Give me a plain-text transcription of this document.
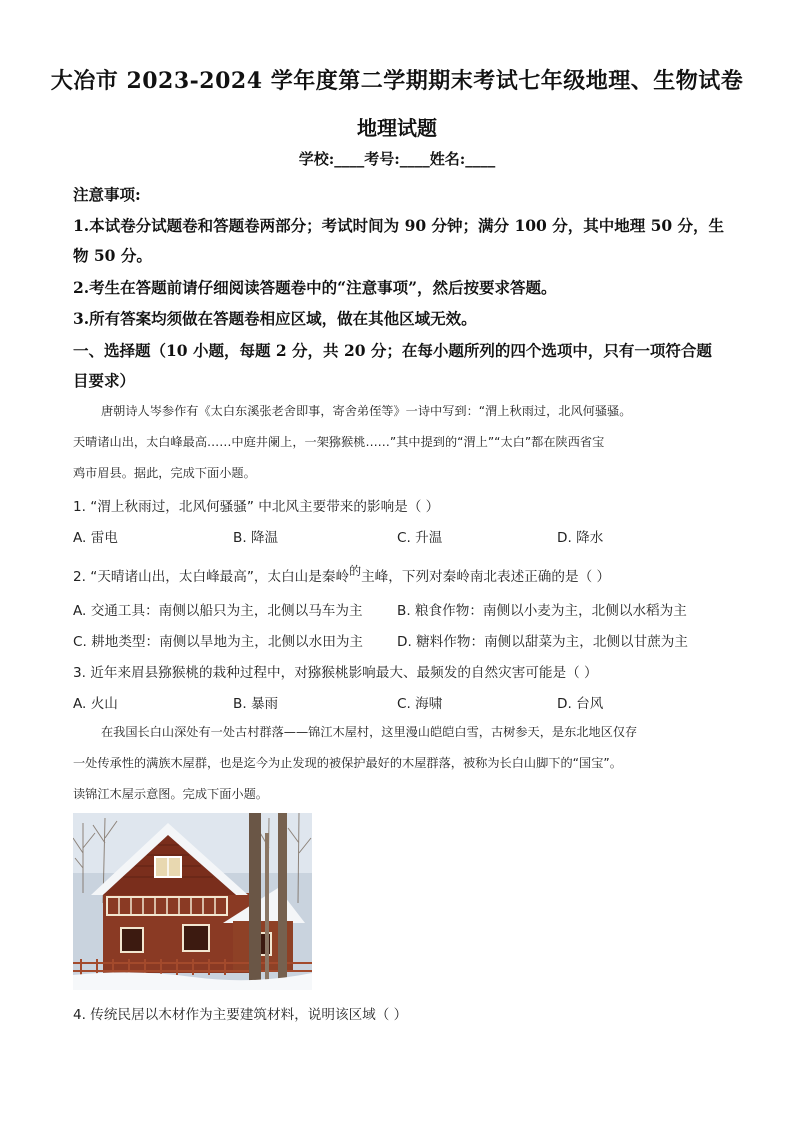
大冶市 2023-2024 学年度第二学期期末考试七年级地理、生物试卷
地理试题
学校:____考号:____姓名:____
注意事项:
1.本试卷分试题卷和答题卷两部分；考试时间为 90 分钟；满分 100 分，其中地理 50 分，生
物 50 分。
2.考生在答题前请仔细阅读答题卷中的“注意事项”，然后按要求答题。
3.所有答案均须做在答题卷相应区域，做在其他区域无效。
一、选择题（10 小题，每题 2 分，共 20 分；在每小题所列的四个选项中，只有一项符合题
目要求）
唐朝诗人岑参作有《太白东溪张老舍即事，寄舍弟侄等》一诗中写到：“渭上秋雨过，北风何骚骚。
天晴诸山出，太白峰最高……中庭井阑上，一架猕猴桃……”其中提到的“渭上”“太白”都在陕西省宝
鸡市眉县。据此，完成下面小题。
1. “渭上秋雨过，北风何骚骚” 中北风主要带来的影响是（ ）
A. 雷电	B. 降温	C. 升温	D. 降水
2. “天晴诸山出，太白峰最高”，太白山是秦岭的主峰，下列对秦岭南北表述正确的是（ ）
A. 交通工具：南侧以船只为主，北侧以马车为主	B. 粮食作物：南侧以小麦为主，北侧以水稻为主
C. 耕地类型：南侧以旱地为主，北侧以水田为主 D. 糖料作物：南侧以甜菜为主，北侧以甘蔗为主
3. 近年来眉县猕猴桃的栽种过程中，对猕猴桃影响最大、最频发的自然灾害可能是（ ）
A. 火山	B. 暴雨	C. 海啸	D. 台风
在我国长白山深处有一处古村群落——锦江木屋村，这里漫山皑皑白雪，古树参天，是东北地区仅存
一处传承性的满族木屋群，也是迄今为止发现的被保护最好的木屋群落，被称为长白山脚下的“国宝”。
读锦江木屋示意图。完成下面小题。
4. 传统民居以木材作为主要建筑材料，说明该区域（ ）
